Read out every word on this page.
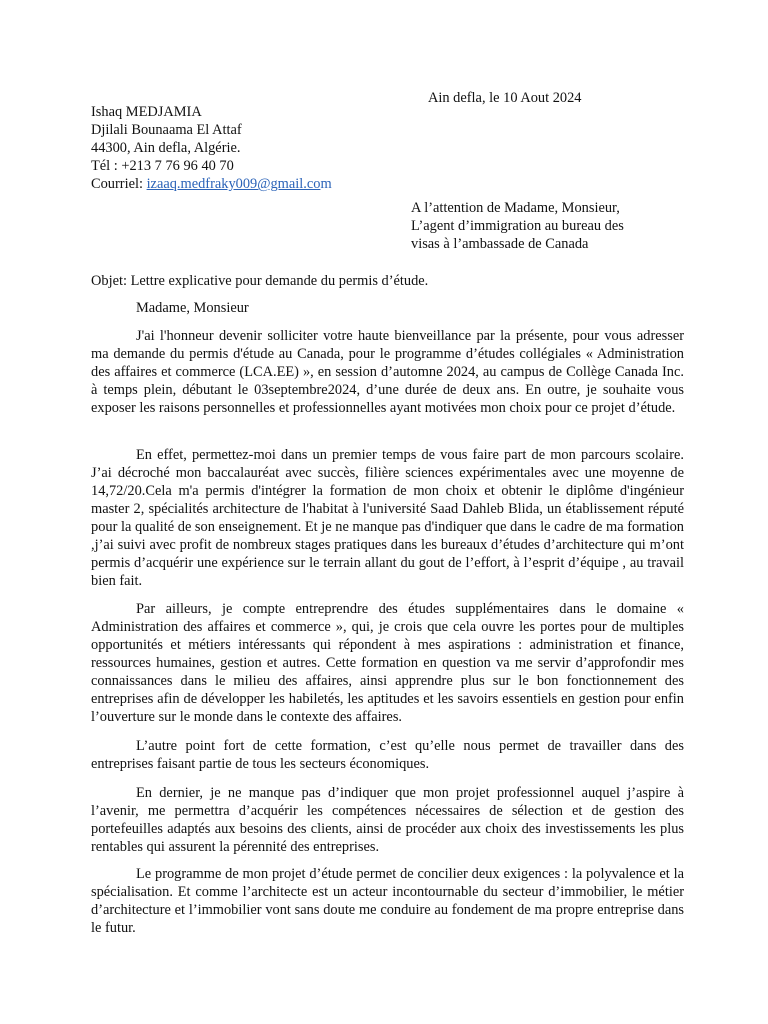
Ain defla, le 10 Aout 2024
Ishaq MEDJAMIA
Djilali Bounaama El Attaf
44300, Ain defla, Algérie.
Tél : +213 7 76 96 40 70
Courriel: izaaq.medfraky009@gmail.com
A l’attention de Madame, Monsieur,
L’agent d’immigration au bureau des
visas à l’ambassade de Canada
Objet: Lettre explicative pour demande du permis d’étude.
Madame, Monsieur

J'ai l'honneur devenir solliciter votre haute bienveillance par la présente, pour vous adresser ma demande du permis d'étude au Canada, pour le programme d’études collégiales « Administration des affaires et commerce (LCA.EE) », en session d’automne 2024, au campus de Collège Canada Inc. à temps plein, débutant le 03septembre2024, d’une durée de deux ans. En outre, je souhaite vous exposer les raisons personnelles et professionnelles ayant motivées mon choix pour ce projet d’étude.

En effet, permettez-moi dans un premier temps de vous faire part de mon parcours scolaire. J’ai décroché mon baccalauréat avec succès, filière sciences expérimentales avec une moyenne de 14,72/20.Cela m'a permis d'intégrer la formation de mon choix et obtenir le diplôme d'ingénieur master 2, spécialités architecture de l'habitat à l'université Saad Dahleb Blida, un établissement réputé pour la qualité de son enseignement. Et je ne manque pas d'indiquer que dans le cadre de ma formation ,j’ai suivi avec profit de nombreux stages pratiques dans les bureaux d’études d’architecture qui m’ont permis d’acquérir une expérience sur le terrain allant du gout de l’effort, à l’esprit d’équipe , au travail bien fait.

Par ailleurs, je compte entreprendre des études supplémentaires dans le domaine « Administration des affaires et commerce », qui, je crois que cela ouvre les portes pour de multiples opportunités et métiers intéressants qui répondent à mes aspirations : administration et finance, ressources humaines, gestion et autres. Cette formation en question va me servir d’approfondir mes connaissances dans le milieu des affaires, ainsi apprendre plus sur le bon fonctionnement des entreprises afin de développer les habiletés, les aptitudes et les savoirs essentiels en gestion pour enfin l’ouverture sur le monde dans le contexte des affaires.

L’autre point fort de cette formation, c’est qu’elle nous permet de travailler dans des entreprises faisant partie de tous les secteurs économiques.

En dernier, je ne manque pas d’indiquer que mon projet professionnel auquel j’aspire à l’avenir, me permettra d’acquérir les compétences nécessaires de sélection et de gestion des portefeuilles adaptés aux besoins des clients, ainsi de procéder aux choix des investissements les plus rentables qui assurent la pérennité des entreprises.

Le programme de mon projet d’étude permet de concilier deux exigences : la polyvalence et la spécialisation. Et comme l’architecte est un acteur incontournable du secteur d’immobilier, le métier d’architecture et l’immobilier vont sans doute me conduire au fondement de ma propre entreprise dans le futur.
